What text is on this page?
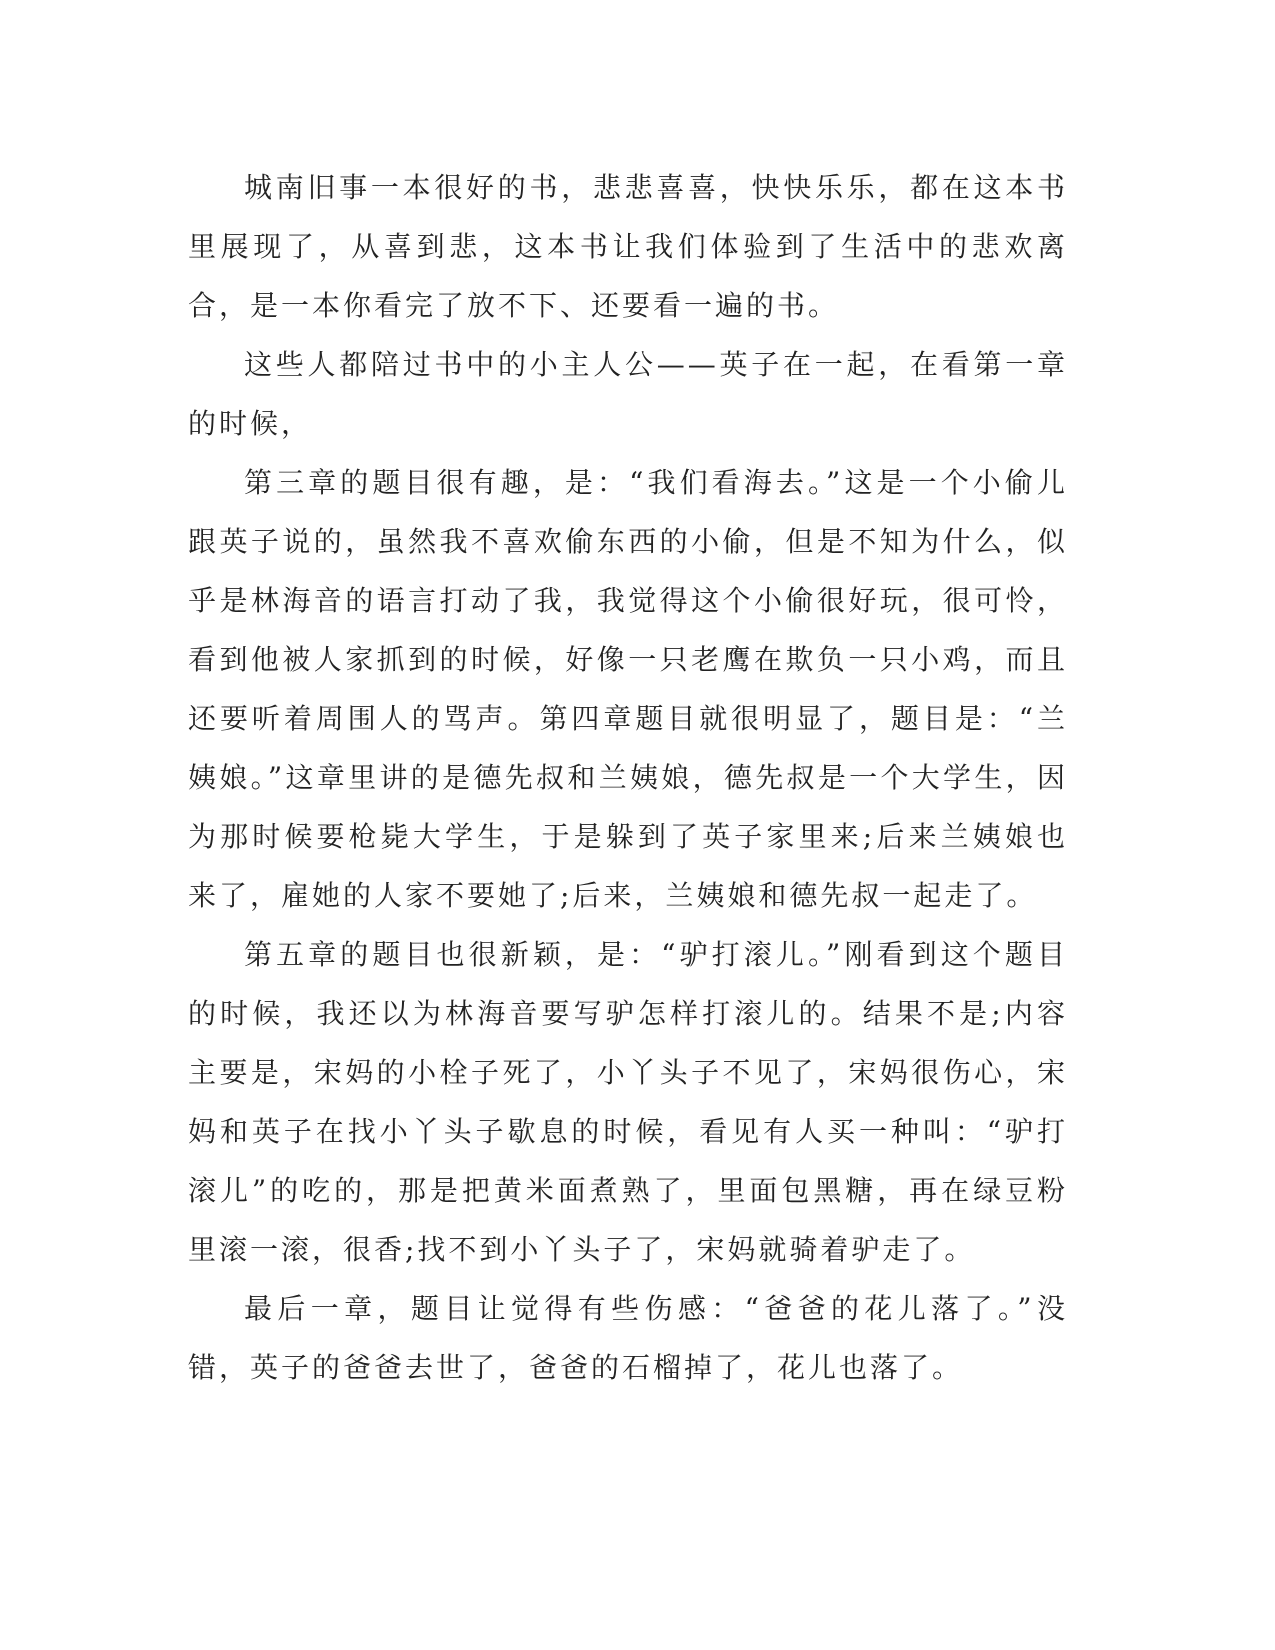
城南旧事一本很好的书，悲悲喜喜，快快乐乐，都在这本书里展现了，从喜到悲，这本书让我们体验到了生活中的悲欢离合，是一本你看完了放不下、还要看一遍的书。

这些人都陪过书中的小主人公——英子在一起，在看第一章的时候，

第三章的题目很有趣，是：“我们看海去。”这是一个小偷儿跟英子说的，虽然我不喜欢偷东西的小偷，但是不知为什么，似乎是林海音的语言打动了我，我觉得这个小偷很好玩，很可怜，看到他被人家抓到的时候，好像一只老鹰在欺负一只小鸡，而且还要听着周围人的骂声。第四章题目就很明显了，题目是：“兰姨娘。”这章里讲的是德先叔和兰姨娘，德先叔是一个大学生，因为那时候要枪毙大学生，于是躲到了英子家里来;后来兰姨娘也来了，雇她的人家不要她了;后来，兰姨娘和德先叔一起走了。

第五章的题目也很新颖，是：“驴打滚儿。”刚看到这个题目的时候，我还以为林海音要写驴怎样打滚儿的。结果不是;内容主要是，宋妈的小栓子死了，小丫头子不见了，宋妈很伤心，宋妈和英子在找小丫头子歇息的时候，看见有人买一种叫：“驴打滚儿”的吃的，那是把黄米面煮熟了，里面包黑糖，再在绿豆粉里滚一滚，很香;找不到小丫头子了，宋妈就骑着驴走了。

最后一章，题目让觉得有些伤感：“爸爸的花儿落了。”没错，英子的爸爸去世了，爸爸的石榴掉了，花儿也落了。
